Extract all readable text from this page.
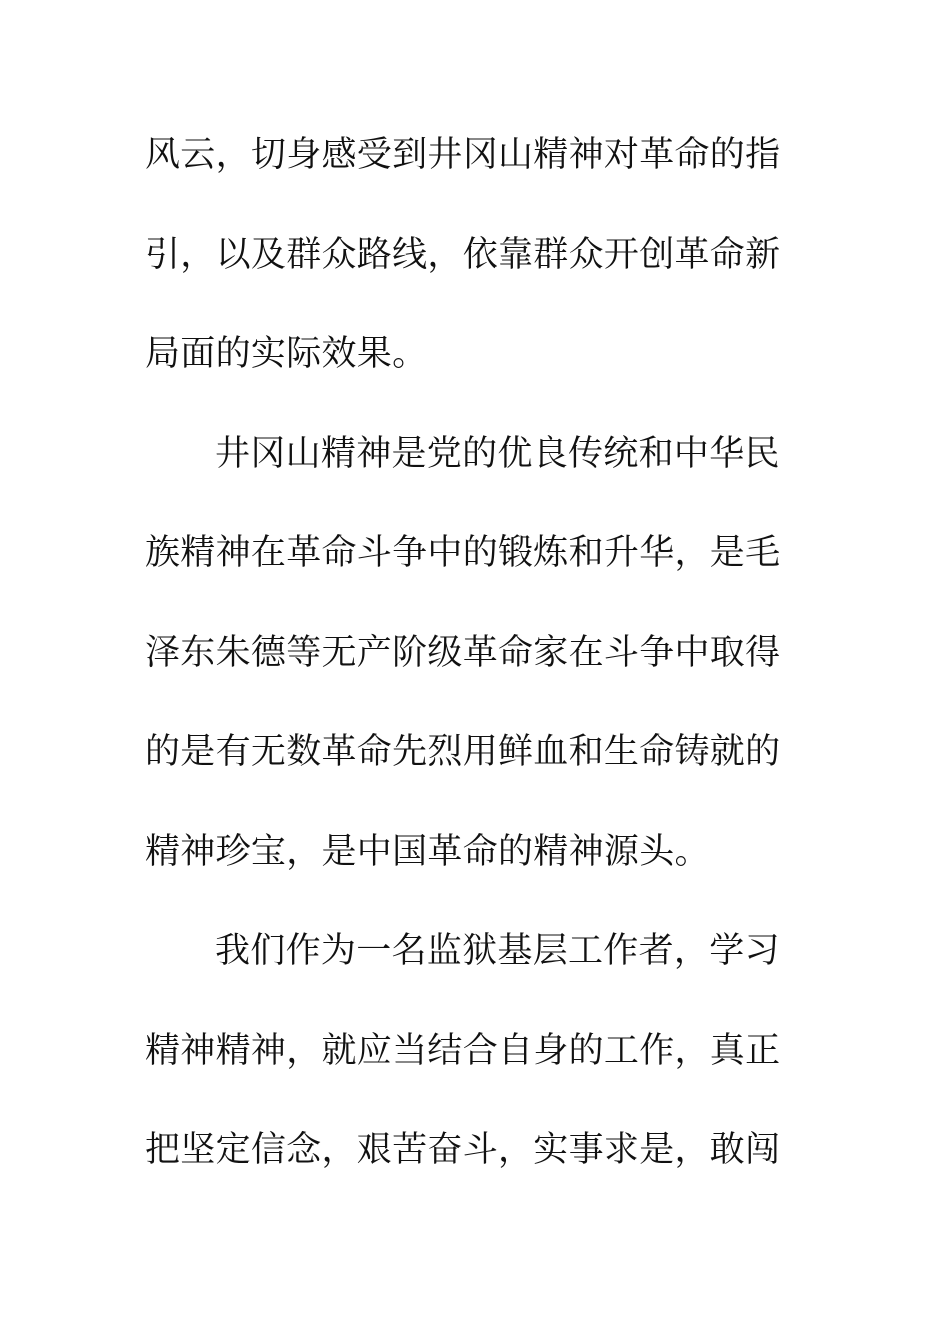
风云，切身感受到井冈山精神对革命的指
引，以及群众路线，依靠群众开创革命新
局面的实际效果。
井冈山精神是党的优良传统和中华民
族精神在革命斗争中的锻炼和升华，是毛
泽东朱德等无产阶级革命家在斗争中取得
的是有无数革命先烈用鲜血和生命铸就的
精神珍宝，是中国革命的精神源头。
我们作为一名监狱基层工作者，学习
精神精神，就应当结合自身的工作，真正
把坚定信念，艰苦奋斗，实事求是，敢闯
